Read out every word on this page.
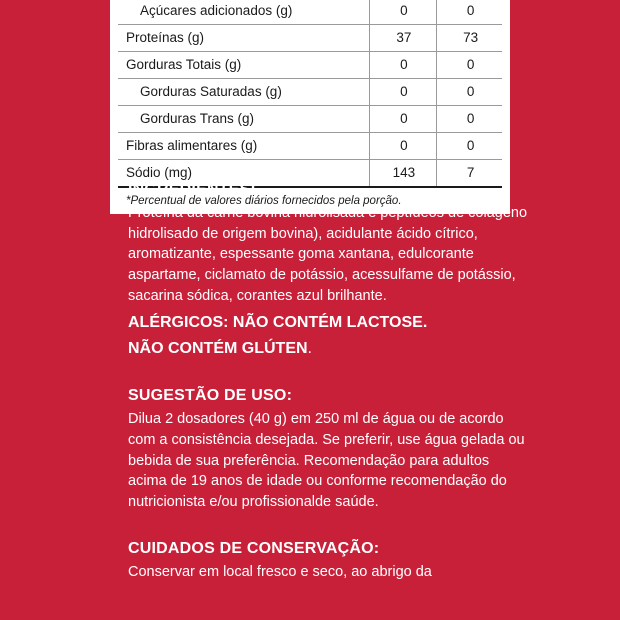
Açúcares adicionados (g)	0	0
Proteínas (g)	37	73
Gorduras Totais (g)	0	0
Gorduras Saturadas (g)	0	0
Gorduras Trans (g)	0	0
Fibras alimentares (g)	0	0
Sódio (mg)	143	7
*Percentual de valores diários fornecidos pela porção.		
INGREDIENTES:

Proteína da carne bovina hidrolisada e peptídeos de colágeno hidrolisado de origem bovina), acidulante ácido cítrico, aromatizante, espessante goma xantana, edulcorante aspartame, ciclamato de potássio, acessulfame de potássio, sacarina sódica, corantes azul brilhante.

ALÉRGICOS: NÃO CONTÉM LACTOSE.
NÃO CONTÉM GLÚTEN.
SUGESTÃO DE USO:

Dilua 2 dosadores (40 g) em 250 ml de água ou de acordo com a consistência desejada. Se preferir, use água gelada ou bebida de sua preferência. Recomendação para adultos acima de 19 anos de idade ou conforme recomendação do nutricionista e/ou profissionalde saúde.

CUIDADOS DE CONSERVAÇÃO:

Conservar em local fresco e seco, ao abrigo da
